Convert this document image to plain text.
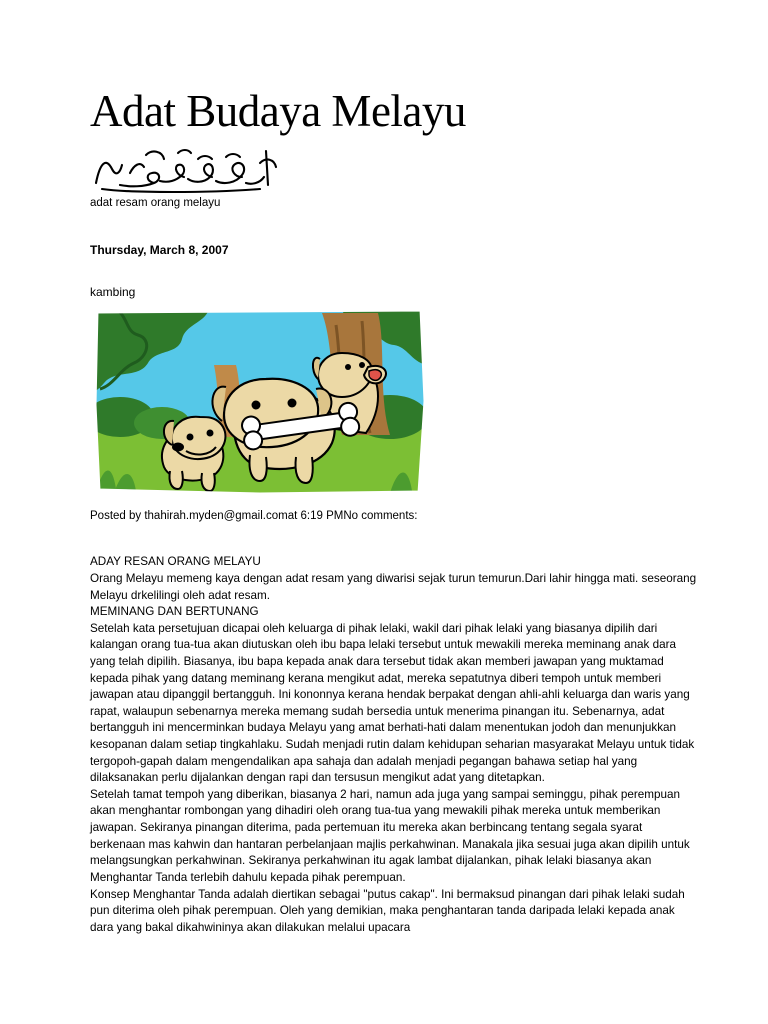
Adat Budaya Melayu

adat resam orang melayu

Thursday, March 8, 2007

kambing

Posted by thahirah.myden@gmail.comat 6:19 PMNo comments:

ADAY RESAN ORANG MELAYU

Orang Melayu memeng kaya dengan adat resam yang diwarisi sejak turun temurun.Dari lahir hingga mati. seseorang Melayu drkelilingi oleh adat resam.

MEMINANG DAN BERTUNANG

Setelah kata persetujuan dicapai oleh keluarga di pihak lelaki, wakil dari pihak lelaki yang biasanya dipilih dari kalangan orang tua-tua akan diutuskan oleh ibu bapa lelaki tersebut untuk mewakili mereka meminang anak dara yang telah dipilih. Biasanya, ibu bapa kepada anak dara tersebut tidak akan memberi jawapan yang muktamad kepada pihak yang datang meminang kerana mengikut adat, mereka sepatutnya diberi tempoh untuk memberi jawapan atau dipanggil bertangguh. Ini kononnya kerana hendak berpakat dengan ahli-ahli keluarga dan waris yang rapat, walaupun sebenarnya mereka memang sudah bersedia untuk menerima pinangan itu. Sebenarnya, adat bertangguh ini mencerminkan budaya Melayu yang amat berhati-hati dalam menentukan jodoh dan menunjukkan kesopanan dalam setiap tingkahlaku. Sudah menjadi rutin dalam kehidupan seharian masyarakat Melayu untuk tidak tergopoh-gapah dalam mengendalikan apa sahaja dan adalah menjadi pegangan bahawa setiap hal yang dilaksanakan perlu dijalankan dengan rapi dan tersusun mengikut adat yang ditetapkan.

Setelah tamat tempoh yang diberikan, biasanya 2 hari, namun ada juga yang sampai seminggu, pihak perempuan akan menghantar rombongan yang dihadiri oleh orang tua-tua yang mewakili pihak mereka untuk memberikan jawapan. Sekiranya pinangan diterima, pada pertemuan itu mereka akan berbincang tentang segala syarat berkenaan mas kahwin dan hantaran perbelanjaan majlis perkahwinan. Manakala jika sesuai juga akan dipilih untuk melangsungkan perkahwinan. Sekiranya perkahwinan itu agak lambat dijalankan, pihak lelaki biasanya akan Menghantar Tanda terlebih dahulu kepada pihak perempuan.

Konsep Menghantar Tanda adalah diertikan sebagai "putus cakap". Ini bermaksud pinangan dari pihak lelaki sudah pun diterima oleh pihak perempuan. Oleh yang demikian, maka penghantaran tanda daripada lelaki kepada anak dara yang bakal dikahwininya akan dilakukan melalui upacara
